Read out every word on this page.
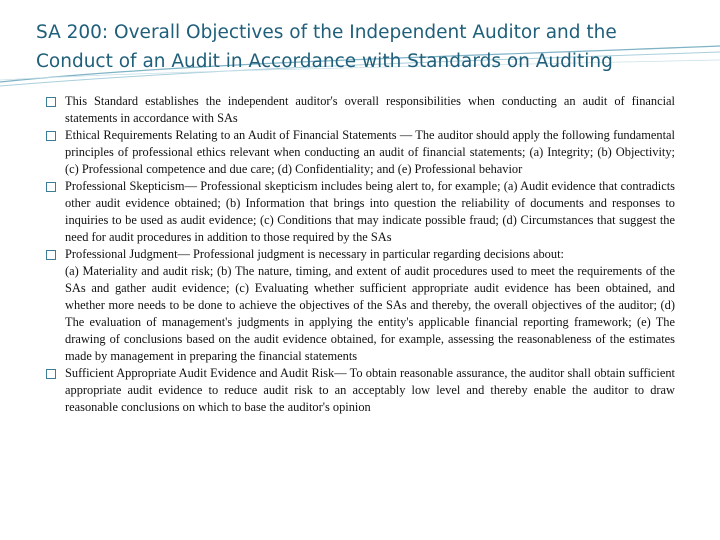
SA 200: Overall Objectives of the Independent Auditor and the
Conduct of an Audit in Accordance with Standards on Auditing
This Standard establishes the independent auditor's overall responsibilities when conducting an audit of financial statements in accordance with SAs
Ethical Requirements Relating to an Audit of Financial Statements — The auditor should apply the following fundamental principles of professional ethics relevant when conducting an audit of financial statements; (a) Integrity; (b) Objectivity; (c) Professional competence and due care; (d) Confidentiality; and (e) Professional behavior
Professional Skepticism— Professional skepticism includes being alert to, for example; (a) Audit evidence that contradicts other audit evidence obtained; (b) Information that brings into question the reliability of documents and responses to inquiries to be used as audit evidence; (c) Conditions that may indicate possible fraud; (d) Circumstances that suggest the need for audit procedures in addition to those required by the SAs
Professional Judgment— Professional judgment is necessary in particular regarding decisions about:
(a) Materiality and audit risk; (b) The nature, timing, and extent of audit procedures used to meet the requirements of the SAs and gather audit evidence; (c) Evaluating whether sufficient appropriate audit evidence has been obtained, and whether more needs to be done to achieve the objectives of the SAs and thereby, the overall objectives of the auditor; (d) The evaluation of management's judgments in applying the entity's applicable financial reporting framework; (e) The drawing of conclusions based on the audit evidence obtained, for example, assessing the reasonableness of the estimates made by management in preparing the financial statements
Sufficient Appropriate Audit Evidence and Audit Risk— To obtain reasonable assurance, the auditor shall obtain sufficient appropriate audit evidence to reduce audit risk to an acceptably low level and thereby enable the auditor to draw reasonable conclusions on which to base the auditor's opinion
